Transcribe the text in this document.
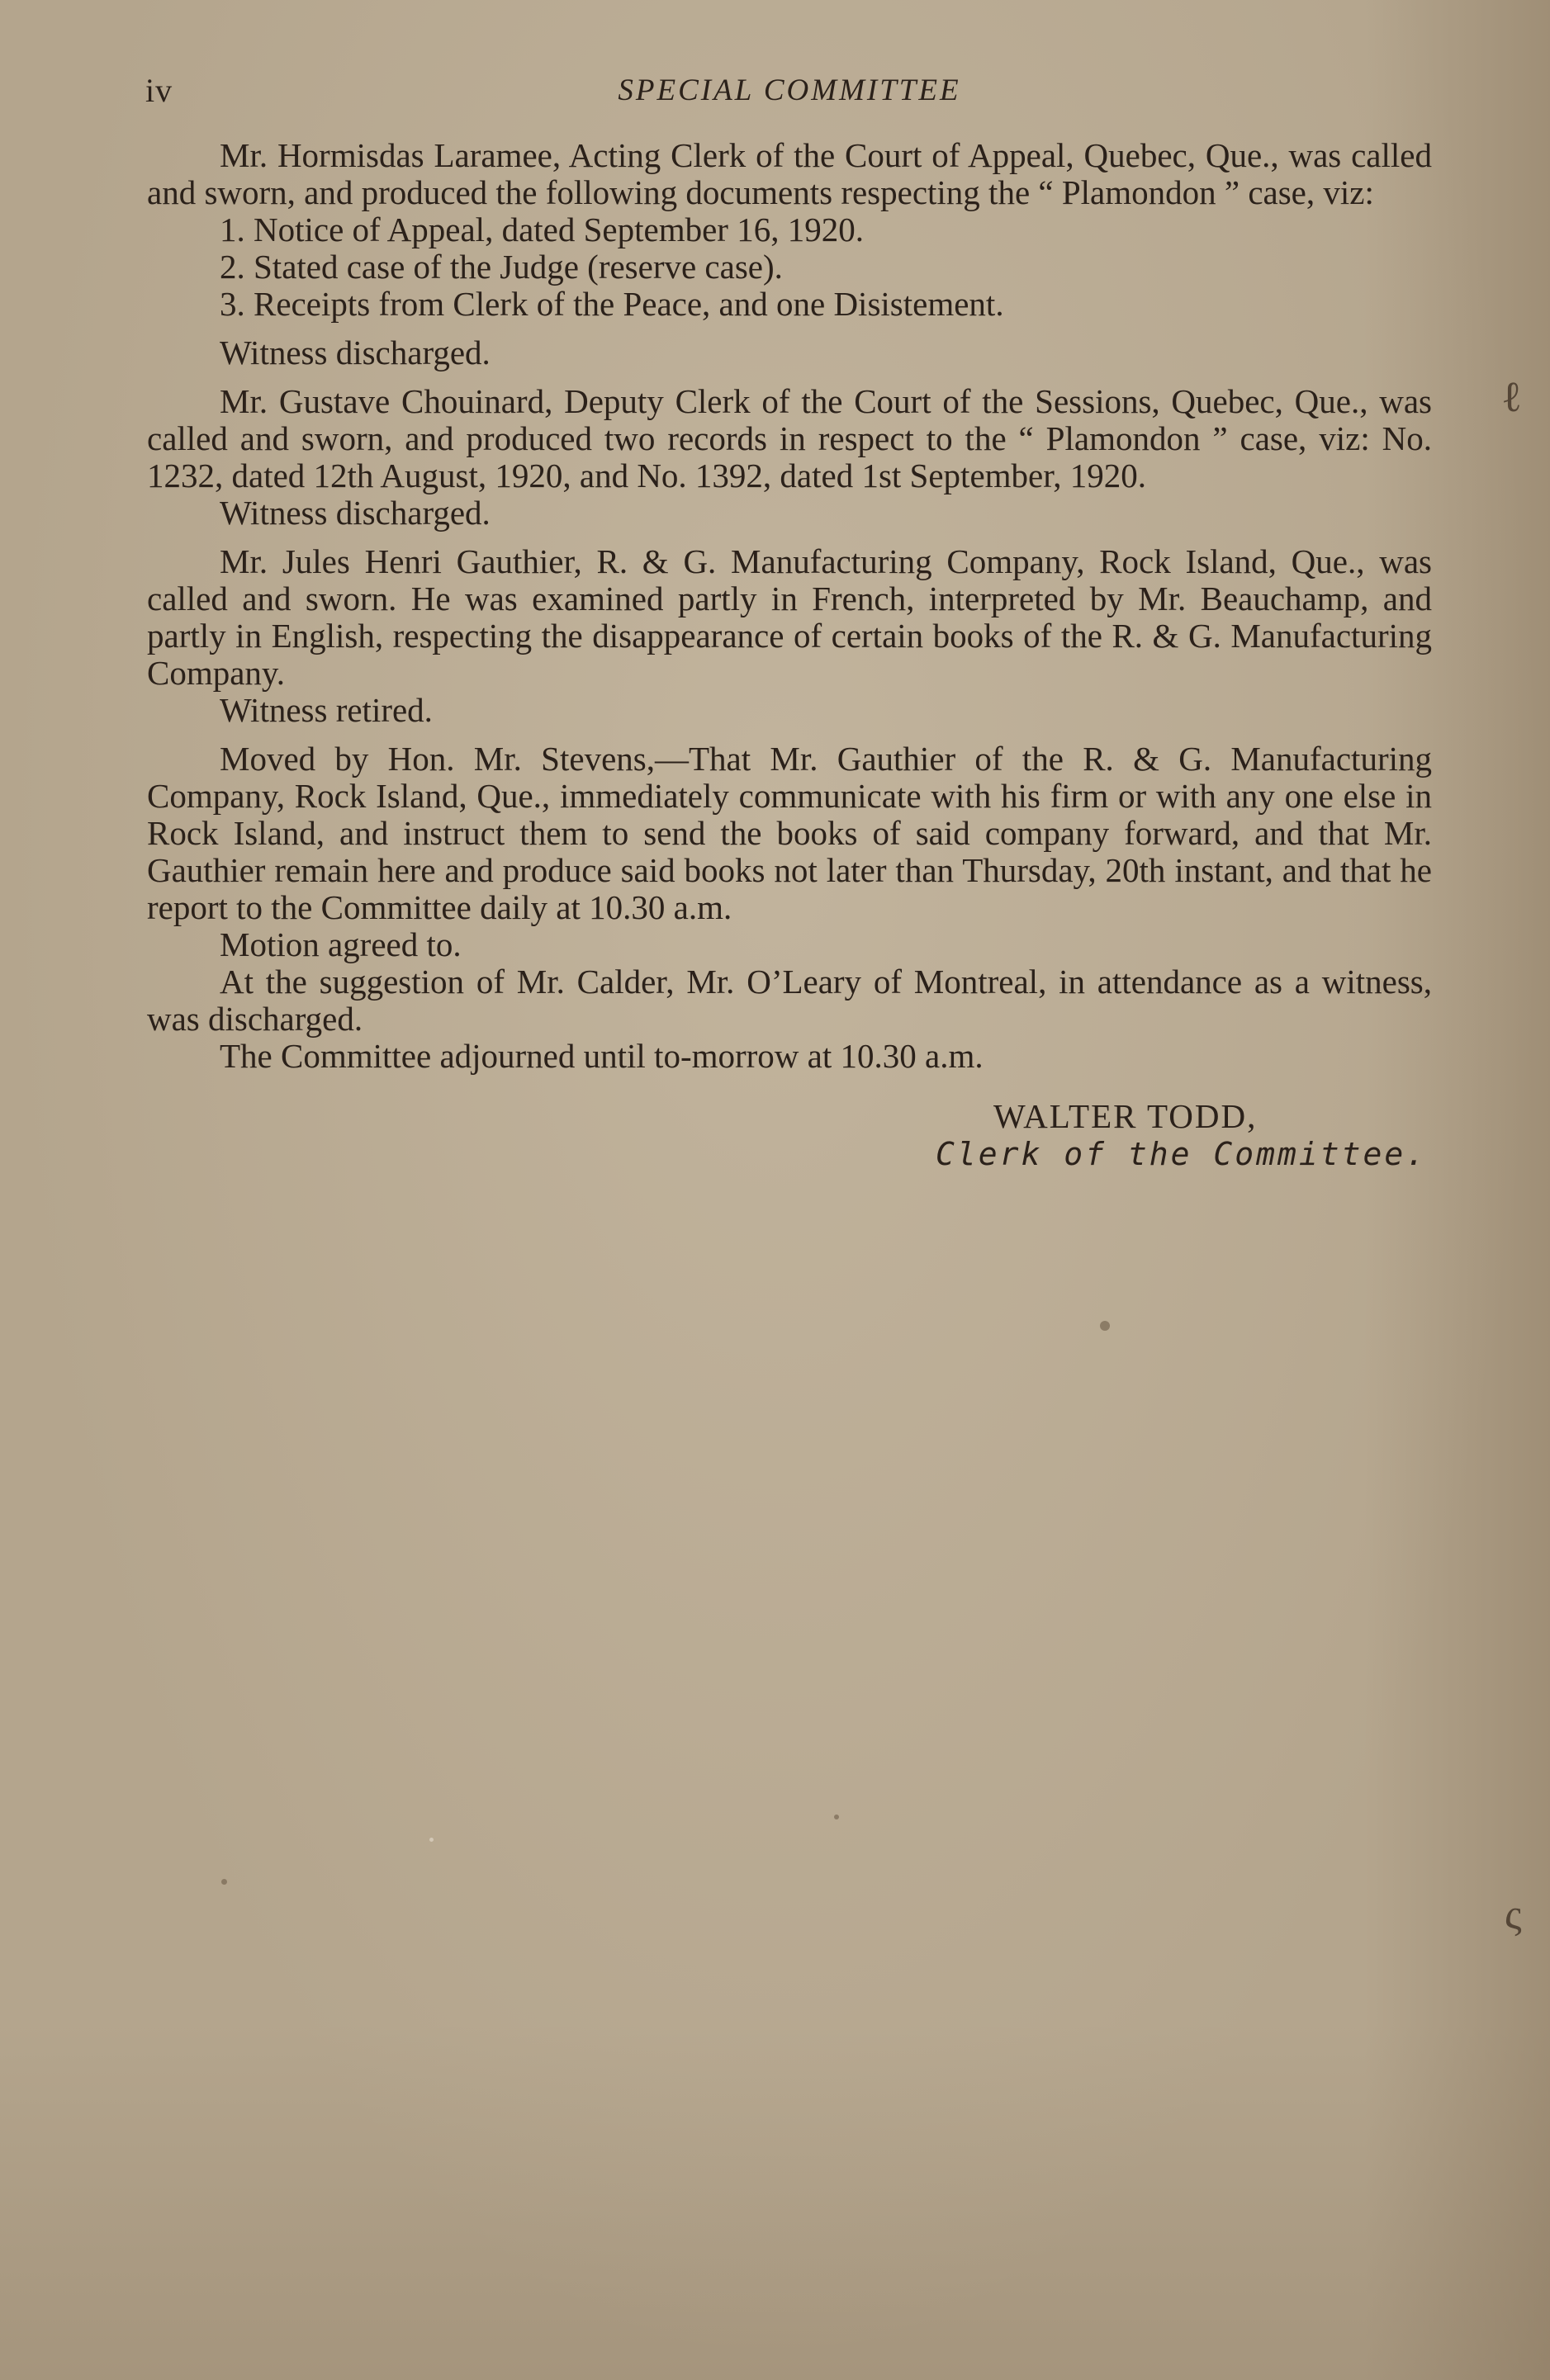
iv	SPECIAL COMMITTEE

Mr. Hormisdas Laramee, Acting Clerk of the Court of Appeal, Quebec, Que., was called and sworn, and produced the following documents respecting the “ Plamondon ” case, viz:

1. Notice of Appeal, dated September 16, 1920.

2. Stated case of the Judge (reserve case).

3. Receipts from Clerk of the Peace, and one Disistement.

Witness discharged.

Mr. Gustave Chouinard, Deputy Clerk of the Court of the Sessions, Quebec, Que., was called and sworn, and produced two records in respect to the “ Plamondon ” case, viz: No. 1232, dated 12th August, 1920, and No. 1392, dated 1st September, 1920.

Witness discharged.

Mr. Jules Henri Gauthier, R. & G. Manufacturing Company, Rock Island, Que., was called and sworn. He was examined partly in French, interpreted by Mr. Beauchamp, and partly in English, respecting the disappearance of certain books of the R. & G. Manufacturing Company.

Witness retired.

Moved by Hon. Mr. Stevens,—That Mr. Gauthier of the R. & G. Manufacturing Company, Rock Island, Que., immediately communicate with his firm or with any one else in Rock Island, and instruct them to send the books of said company forward, and that Mr. Gauthier remain here and produce said books not later than Thursday, 20th instant, and that he report to the Committee daily at 10.30 a.m.

Motion agreed to.

At the suggestion of Mr. Calder, Mr. O’Leary of Montreal, in attendance as a witness, was discharged.

The Committee adjourned until to-morrow at 10.30 a.m.

WALTER TODD,
Clerk of the Committee.
ℓ
ς
